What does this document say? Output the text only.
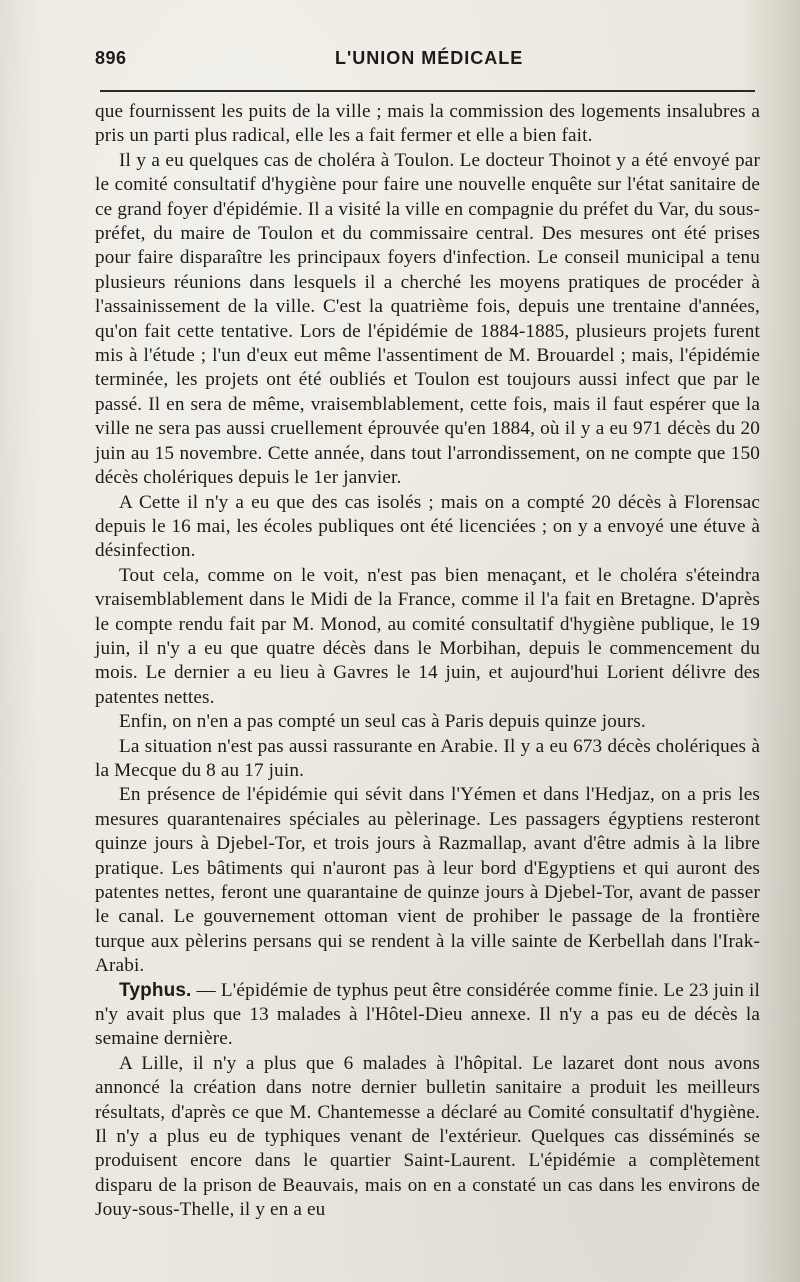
896	L'UNION MÉDICALE

que fournissent les puits de la ville ; mais la commission des logements insalubres a pris un parti plus radical, elle les a fait fermer et elle a bien fait.

Il y a eu quelques cas de choléra à Toulon. Le docteur Thoinot y a été envoyé par le comité consultatif d'hygiène pour faire une nouvelle enquête sur l'état sanitaire de ce grand foyer d'épidémie. Il a visité la ville en compagnie du préfet du Var, du sous-préfet, du maire de Toulon et du commissaire central. Des mesures ont été prises pour faire disparaître les principaux foyers d'infection. Le conseil municipal a tenu plusieurs réunions dans lesquels il a cherché les moyens pratiques de procéder à l'assainissement de la ville. C'est la quatrième fois, depuis une trentaine d'années, qu'on fait cette tentative. Lors de l'épidémie de 1884-1885, plusieurs projets furent mis à l'étude ; l'un d'eux eut même l'assentiment de M. Brouardel ; mais, l'épidémie terminée, les projets ont été oubliés et Toulon est toujours aussi infect que par le passé. Il en sera de même, vraisemblablement, cette fois, mais il faut espérer que la ville ne sera pas aussi cruellement éprouvée qu'en 1884, où il y a eu 971 décès du 20 juin au 15 novembre. Cette année, dans tout l'arrondissement, on ne compte que 150 décès cholériques depuis le 1er janvier.

A Cette il n'y a eu que des cas isolés ; mais on a compté 20 décès à Florensac depuis le 16 mai, les écoles publiques ont été licenciées ; on y a envoyé une étuve à désinfection.

Tout cela, comme on le voit, n'est pas bien menaçant, et le choléra s'éteindra vraisemblablement dans le Midi de la France, comme il l'a fait en Bretagne. D'après le compte rendu fait par M. Monod, au comité consultatif d'hygiène publique, le 19 juin, il n'y a eu que quatre décès dans le Morbihan, depuis le commencement du mois. Le dernier a eu lieu à Gavres le 14 juin, et aujourd'hui Lorient délivre des patentes nettes.

Enfin, on n'en a pas compté un seul cas à Paris depuis quinze jours.

La situation n'est pas aussi rassurante en Arabie. Il y a eu 673 décès cholériques à la Mecque du 8 au 17 juin.

En présence de l'épidémie qui sévit dans l'Yémen et dans l'Hedjaz, on a pris les mesures quarantenaires spéciales au pèlerinage. Les passagers égyptiens resteront quinze jours à Djebel-Tor, et trois jours à Razmallap, avant d'être admis à la libre pratique. Les bâtiments qui n'auront pas à leur bord d'Egyptiens et qui auront des patentes nettes, feront une quarantaine de quinze jours à Djebel-Tor, avant de passer le canal. Le gouvernement ottoman vient de prohiber le passage de la frontière turque aux pèlerins persans qui se rendent à la ville sainte de Kerbellah dans l'Irak-Arabi.

Typhus. — L'épidémie de typhus peut être considérée comme finie. Le 23 juin il n'y avait plus que 13 malades à l'Hôtel-Dieu annexe. Il n'y a pas eu de décès la semaine dernière.

A Lille, il n'y a plus que 6 malades à l'hôpital. Le lazaret dont nous avons annoncé la création dans notre dernier bulletin sanitaire a produit les meilleurs résultats, d'après ce que M. Chantemesse a déclaré au Comité consultatif d'hygiène. Il n'y a plus eu de typhiques venant de l'extérieur. Quelques cas disséminés se produisent encore dans le quartier Saint-Laurent. L'épidémie a complètement disparu de la prison de Beauvais, mais on en a constaté un cas dans les environs de Jouy-sous-Thelle, il y en a eu
